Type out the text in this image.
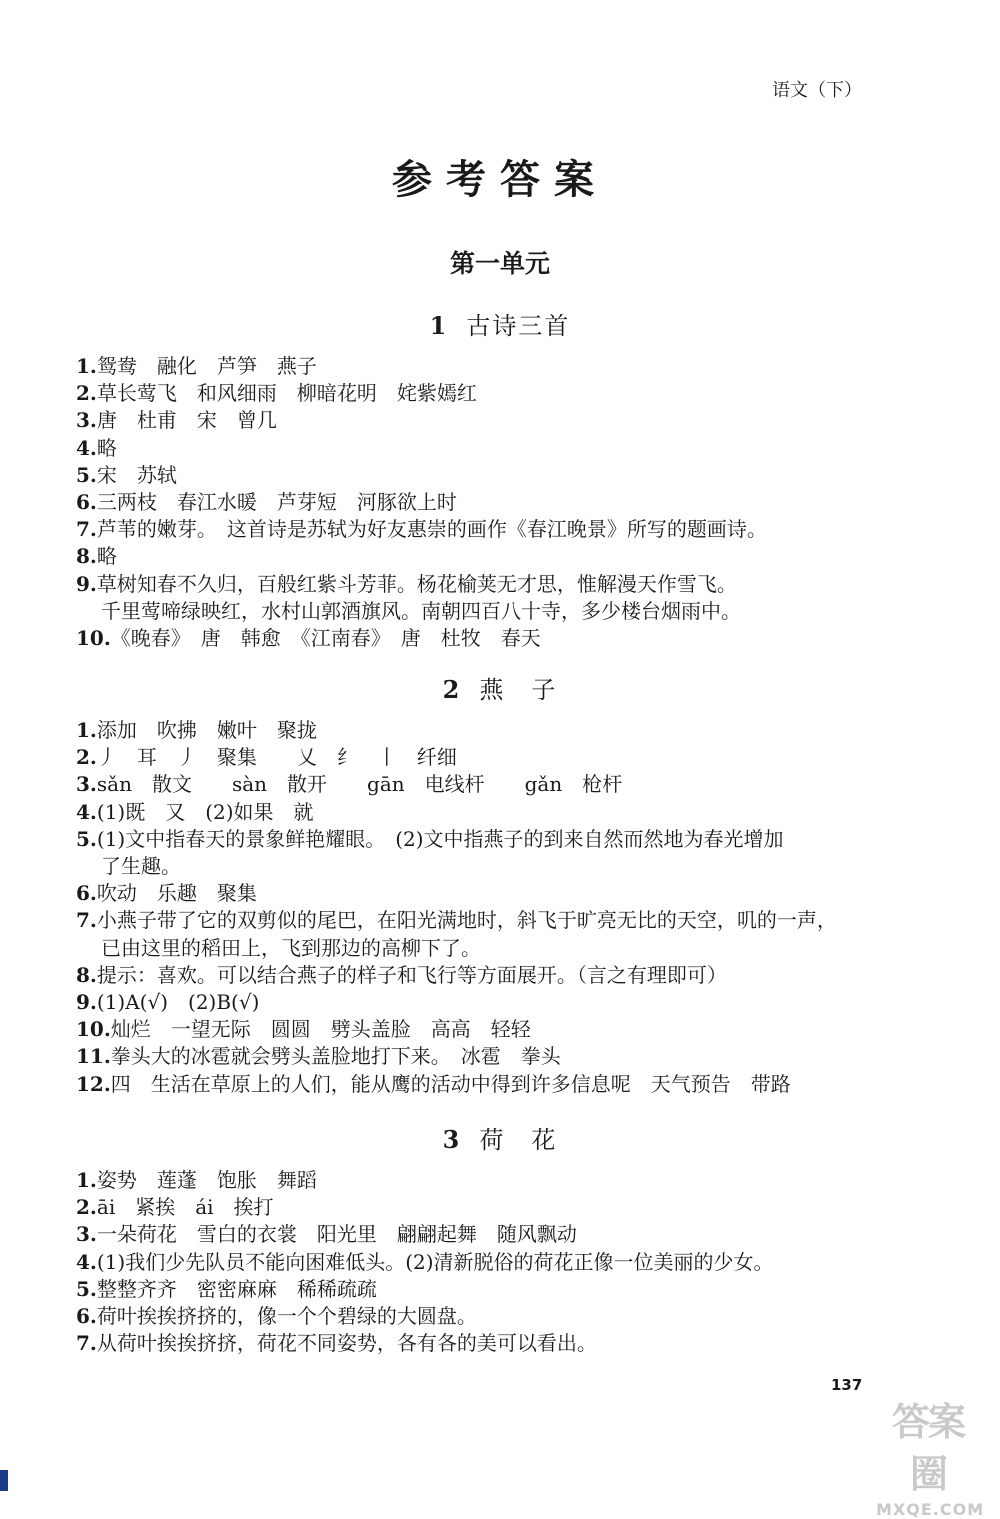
语文（下）
参考答案
第一单元
1 古诗三首
1.鸳鸯　融化　芦笋　燕子
2.草长莺飞　和风细雨　柳暗花明　姹紫嫣红
3.唐　杜甫　宋　曾几
4.略
5.宋　苏轼
6.三两枝　春江水暖　芦芽短　河豚欲上时
7.芦苇的嫩芽。　这首诗是苏轼为好友惠崇的画作《春江晚景》所写的题画诗。
8.略
9.草树知春不久归，百般红紫斗芳菲。杨花榆荚无才思，惟解漫天作雪飞。
千里莺啼绿映红，水村山郭酒旗风。南朝四百八十寺，多少楼台烟雨中。
10.《晚春》　唐　韩愈　《江南春》　唐　杜牧　春天
2 燕　子
1.添加　吹拂　嫩叶　聚拢
2.丿　耳　丿　聚集　　乂　纟　丨　纤细
3.sǎn　散文　　sàn　散开　　gān　电线杆　　gǎn　枪杆
4.(1)既　又　(2)如果　就
5.(1)文中指春天的景象鲜艳耀眼。　(2)文中指燕子的到来自然而然地为春光增加
了生趣。
6.吹动　乐趣　聚集
7.小燕子带了它的双剪似的尾巴，在阳光满地时，斜飞于旷亮无比的天空，叽的一声，
已由这里的稻田上，飞到那边的高柳下了。
8.提示：喜欢。可以结合燕子的样子和飞行等方面展开。（言之有理即可）
9.(1)A(√)　(2)B(√)
10.灿烂　一望无际　圆圆　劈头盖脸　高高　轻轻
11.拳头大的冰雹就会劈头盖脸地打下来。　冰雹　拳头
12.四　生活在草原上的人们，能从鹰的活动中得到许多信息呢　天气预告　带路
3 荷　花
1.姿势　莲蓬　饱胀　舞蹈
2.āi　紧挨　ái　挨打
3.一朵荷花　雪白的衣裳　阳光里　翩翩起舞　随风飘动
4.(1)我们少先队员不能向困难低头。(2)清新脱俗的荷花正像一位美丽的少女。
5.整整齐齐　密密麻麻　稀稀疏疏
6.荷叶挨挨挤挤的，像一个个碧绿的大圆盘。
7.从荷叶挨挨挤挤，荷花不同姿势，各有各的美可以看出。
137
答案圈
MXQE.COM
